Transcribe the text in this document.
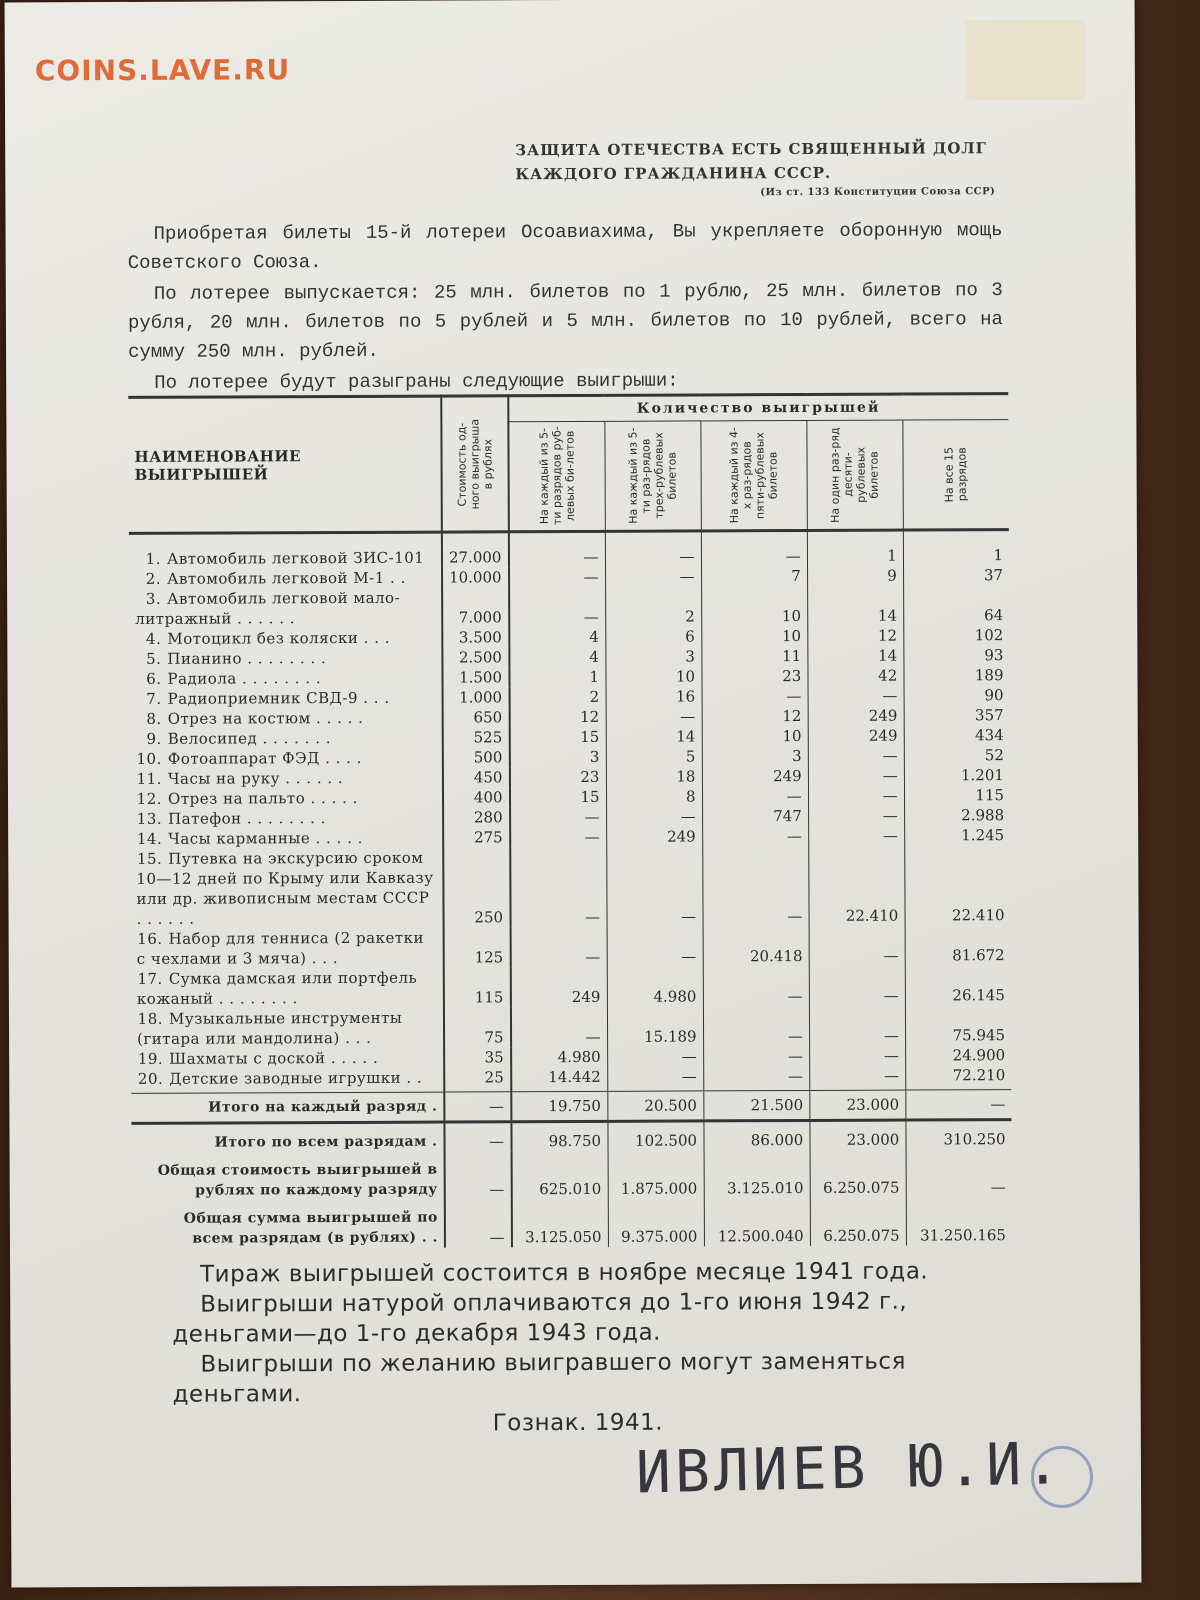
COINS.LAVE.RU
ЗАЩИТА ОТЕЧЕСТВА ЕСТЬ СВЯЩЕННЫЙ ДОЛГ
КАЖДОГО ГРАЖДАНИНА СССР.
(Из ст. 133 Конституции Союза ССР)

Приобретая билеты 15-й лотереи Осоавиахима, Вы укрепляете оборонную мощь Советского Союза.

По лотерее выпускается: 25 млн. билетов по 1 рублю, 25 млн. билетов по 3 рубля, 20 млн. билетов по 5 рублей и 5 млн. билетов по 10 рублей, всего на сумму 250 млн. рублей.

По лотерее будут разыграны следующие выигрыши:

НАИМЕНОВАНИЕ ВЫИГРЫШЕЙ	Стоимость од-ного выигрыша в рублях	Количество выигрышей				

		На каждый из 5-ти разрядов руб-левых би-летов	На каждый из 5-ти раз-рядов трех-рублевых билетов	На каждый из 4-х раз-рядов пяти-рублевых билетов	На один раз-ряд десяти-рублевых билетов	На все 15 разрядов

1. Автомобиль легковой ЗИС-101	27.000	—	—	—	1	1
2. Автомобиль легковой М-1 . .	10.000	—	—	7	9	37
3. Автомобиль легковой мало-литражный . . . . . .	7.000	—	2	10	14	64
4. Мотоцикл без коляски . . .	3.500	4	6	10	12	102
5. Пианино . . . . . . . .	2.500	4	3	11	14	93
6. Радиола . . . . . . . .	1.500	1	10	23	42	189
7. Радиоприемник СВД-9 . . .	1.000	2	16	—	—	90
8. Отрез на костюм . . . . .	650	12	—	12	249	357
9. Велосипед . . . . . . .	525	15	14	10	249	434
10. Фотоаппарат ФЭД . . . .	500	3	5	3	—	52
11. Часы на руку . . . . . .	450	23	18	249	—	1.201
12. Отрез на пальто . . . . .	400	15	8	—	—	115
13. Патефон . . . . . . . .	280	—	—	747	—	2.988
14. Часы карманные . . . . .	275	—	249	—	—	1.245
15. Путевка на экскурсию сроком 10—12 дней по Крыму или Кавказу или др. живописным местам СССР . . . . . .	250	—	—	—	22.410	22.410
16. Набор для тенниса (2 ракетки с чехлами и 3 мяча) . . .	125	—	—	20.418	—	81.672
17. Сумка дамская или портфель кожаный . . . . . . . .	115	249	4.980	—	—	26.145
18. Музыкальные инструменты (гитара или мандолина) . . .	75	—	15.189	—	—	75.945
19. Шахматы с доской . . . . .	35	4.980	—	—	—	24.900
20. Детские заводные игрушки . .	25	14.442	—	—	—	72.210
Итого на каждый разряд .	—	19.750	20.500	21.500	23.000	—
Итого по всем разрядам .	—	98.750	102.500	86.000	23.000	310.250
Общая стоимость выигрышей в рублях по каждому разряду	—	625.010	1.875.000	3.125.010	6.250.075	—
Общая сумма выигрышей по всем разрядам (в рублях) . .	—	3.125.050	9.375.000	12.500.040	6.250.075	31.250.165

Тираж выигрышей состоится в ноябре месяце 1941 года.

Выигрыши натурой оплачиваются до 1-го июня 1942 г., деньгами—до 1-го декабря 1943 года.

Выигрыши по желанию выигравшего могут заменяться деньгами.

Гознак. 1941.
ИВЛИЕВ Ю.И.
